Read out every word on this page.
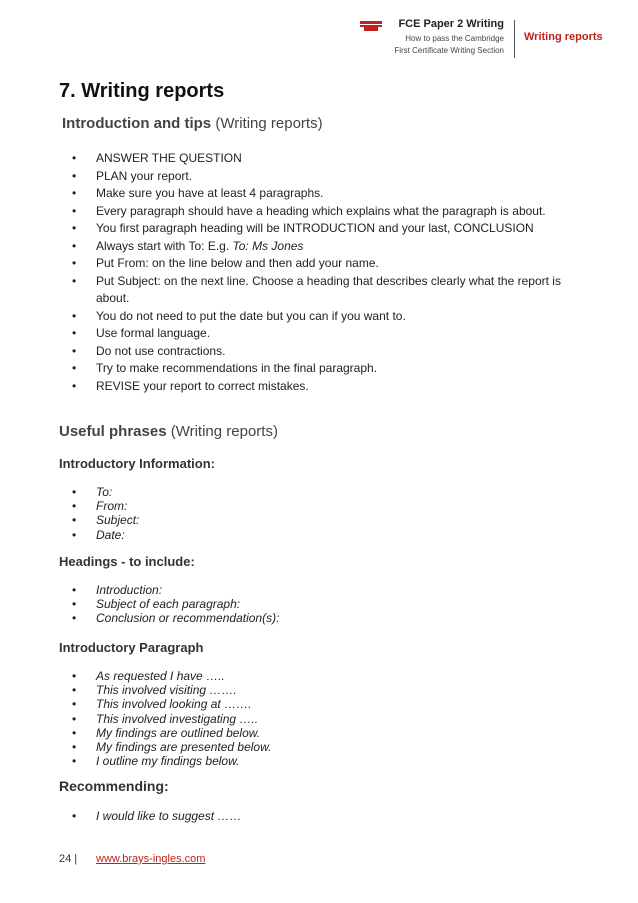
FCE Paper 2 Writing
How to pass the Cambridge
First Certificate Writing Section
Writing reports
7. Writing reports
Introduction and tips (Writing reports)
• ANSWER THE QUESTION
• PLAN your report.
• Make sure you have at least 4 paragraphs.
• Every paragraph should have a heading which explains what the paragraph is about.
• You first paragraph heading will be INTRODUCTION and your last, CONCLUSION
• Always start with To: E.g. To: Ms Jones
• Put From: on the line below and then add your name.
• Put Subject: on the next line. Choose a heading that describes clearly what the report is about.
• You do not need to put the date but you can if you want to.
• Use formal language.
• Do not use contractions.
• Try to make recommendations in the final paragraph.
• REVISE your report to correct mistakes.
Useful phrases (Writing reports)
Introductory Information:
• To:
• From:
• Subject:
• Date:
Headings - to include:
• Introduction:
• Subject of each paragraph:
• Conclusion or recommendation(s):
Introductory Paragraph
• As requested I have …..
• This involved visiting …….
• This involved looking at …….
• This involved investigating …..
• My findings are outlined below.
• My findings are presented below.
• I outline my findings below.
Recommending:
• I would like to suggest ……
24 | www.brays-ingles.com
